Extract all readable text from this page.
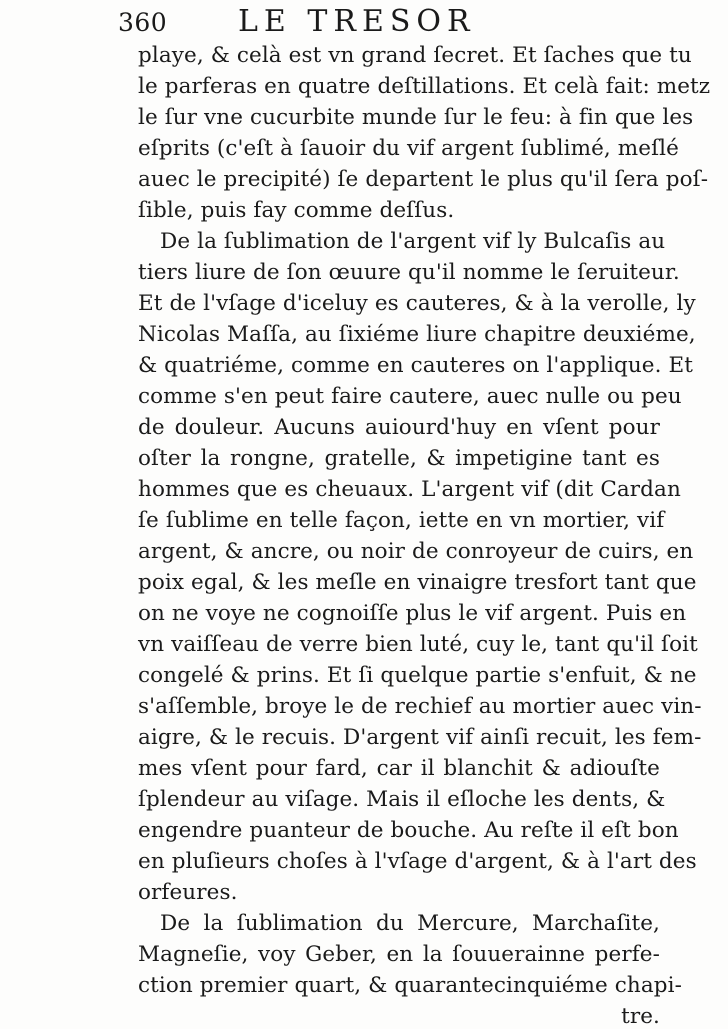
360 LE TRESOR
playe, & celà est vn grand ſecret. Et ſaches que tu
le parferas en quatre deſtillations. Et celà fait: metz
le ſur vne cucurbite munde ſur le feu: à fin que les
eſprits (c'eſt à ſauoir du vif argent ſublimé, meſlé
auec le precipité) ſe departent le plus qu'il ſera poſ-
ſible, puis fay comme deſſus.
De la ſublimation de l'argent vif ly Bulcaſis au
tiers liure de ſon œuure qu'il nomme le ſeruiteur.
Et de l'vſage d'iceluy es cauteres, & à la verolle, ly
Nicolas Maſſa, au ſixiéme liure chapitre deuxiéme,
& quatriéme, comme en cauteres on l'applique. Et
comme s'en peut faire cautere, auec nulle ou peu
de douleur. Aucuns auiourd'huy en vſent pour
oſter la rongne, gratelle, & impetigine tant es
hommes que es cheuaux. L'argent vif (dit Cardan
ſe ſublime en telle façon, iette en vn mortier, vif
argent, & ancre, ou noir de conroyeur de cuirs, en
poix egal, & les meſle en vinaigre tresfort tant que
on ne voye ne cognoiſſe plus le vif argent. Puis en
vn vaiſſeau de verre bien luté, cuy le, tant qu'il ſoit
congelé & prins. Et ſi quelque partie s'enfuit, & ne
s'aſſemble, broye le de rechief au mortier auec vin-
aigre, & le recuis. D'argent vif ainſi recuit, les fem-
mes vſent pour fard, car il blanchit & adiouſte
ſplendeur au viſage. Mais il eſloche les dents, &
engendre puanteur de bouche. Au reſte il eſt bon
en pluſieurs choſes à l'vſage d'argent, & à l'art des
orfeures.
De la ſublimation du Mercure, Marchaſite,
Magneſie, voy Geber, en la ſouuerainne perfe-
ction premier quart, & quarantecinquiéme chapi-
tre.
